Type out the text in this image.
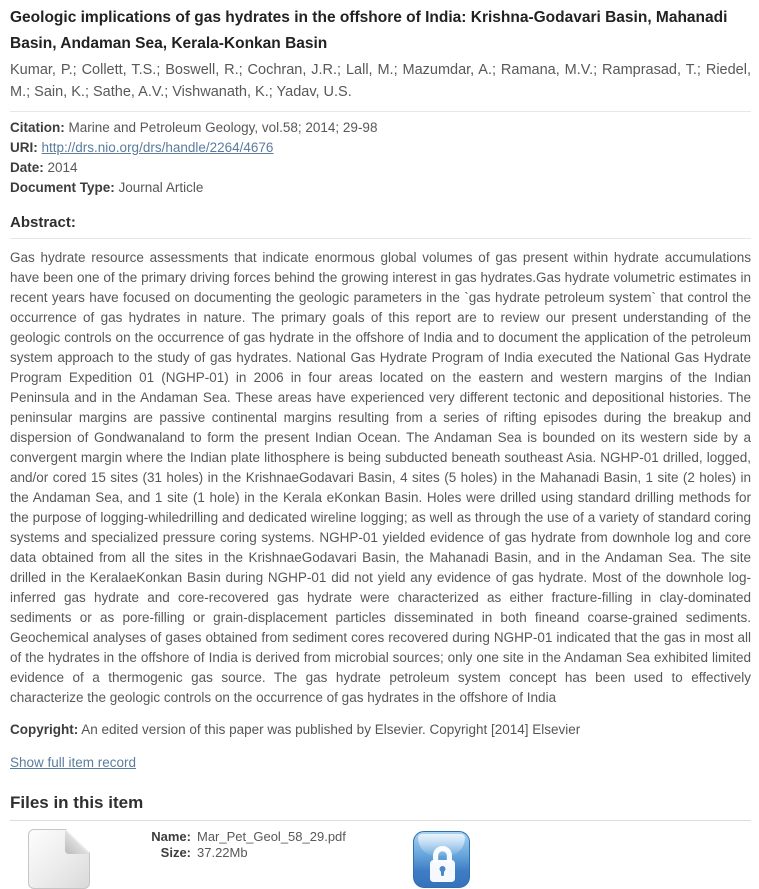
Geologic implications of gas hydrates in the offshore of India: Krishna-Godavari Basin, Mahanadi Basin, Andaman Sea, Kerala-Konkan Basin
Kumar, P.; Collett, T.S.; Boswell, R.; Cochran, J.R.; Lall, M.; Mazumdar, A.; Ramana, M.V.; Ramprasad, T.; Riedel, M.; Sain, K.; Sathe, A.V.; Vishwanath, K.; Yadav, U.S.
Citation: Marine and Petroleum Geology, vol.58; 2014; 29-98
URI: http://drs.nio.org/drs/handle/2264/4676
Date: 2014
Document Type: Journal Article
Abstract:

Gas hydrate resource assessments that indicate enormous global volumes of gas present within hydrate accumulations have been one of the primary driving forces behind the growing interest in gas hydrates.Gas hydrate volumetric estimates in recent years have focused on documenting the geologic parameters in the `gas hydrate petroleum system` that control the occurrence of gas hydrates in nature. The primary goals of this report are to review our present understanding of the geologic controls on the occurrence of gas hydrate in the offshore of India and to document the application of the petroleum system approach to the study of gas hydrates. National Gas Hydrate Program of India executed the National Gas Hydrate Program Expedition 01 (NGHP-01) in 2006 in four areas located on the eastern and western margins of the Indian Peninsula and in the Andaman Sea. These areas have experienced very different tectonic and depositional histories. The peninsular margins are passive continental margins resulting from a series of rifting episodes during the breakup and dispersion of Gondwanaland to form the present Indian Ocean. The Andaman Sea is bounded on its western side by a convergent margin where the Indian plate lithosphere is being subducted beneath southeast Asia. NGHP-01 drilled, logged, and/or cored 15 sites (31 holes) in the KrishnaeGodavari Basin, 4 sites (5 holes) in the Mahanadi Basin, 1 site (2 holes) in the Andaman Sea, and 1 site (1 hole) in the Kerala eKonkan Basin. Holes were drilled using standard drilling methods for the purpose of logging-whiledrilling and dedicated wireline logging; as well as through the use of a variety of standard coring systems and specialized pressure coring systems. NGHP-01 yielded evidence of gas hydrate from downhole log and core data obtained from all the sites in the KrishnaeGodavari Basin, the Mahanadi Basin, and in the Andaman Sea. The site drilled in the KeralaeKonkan Basin during NGHP-01 did not yield any evidence of gas hydrate. Most of the downhole log-inferred gas hydrate and core-recovered gas hydrate were characterized as either fracture-filling in clay-dominated sediments or as pore-filling or grain-displacement particles disseminated in both fineand coarse-grained sediments. Geochemical analyses of gases obtained from sediment cores recovered during NGHP-01 indicated that the gas in most all of the hydrates in the offshore of India is derived from microbial sources; only one site in the Andaman Sea exhibited limited evidence of a thermogenic gas source. The gas hydrate petroleum system concept has been used to effectively characterize the geologic controls on the occurrence of gas hydrates in the offshore of India

Copyright: An edited version of this paper was published by Elsevier. Copyright [2014] Elsevier
Show full item record
Files in this item
Name: Mar_Pet_Geol_58_29.pdf
Size: 37.22Mb
